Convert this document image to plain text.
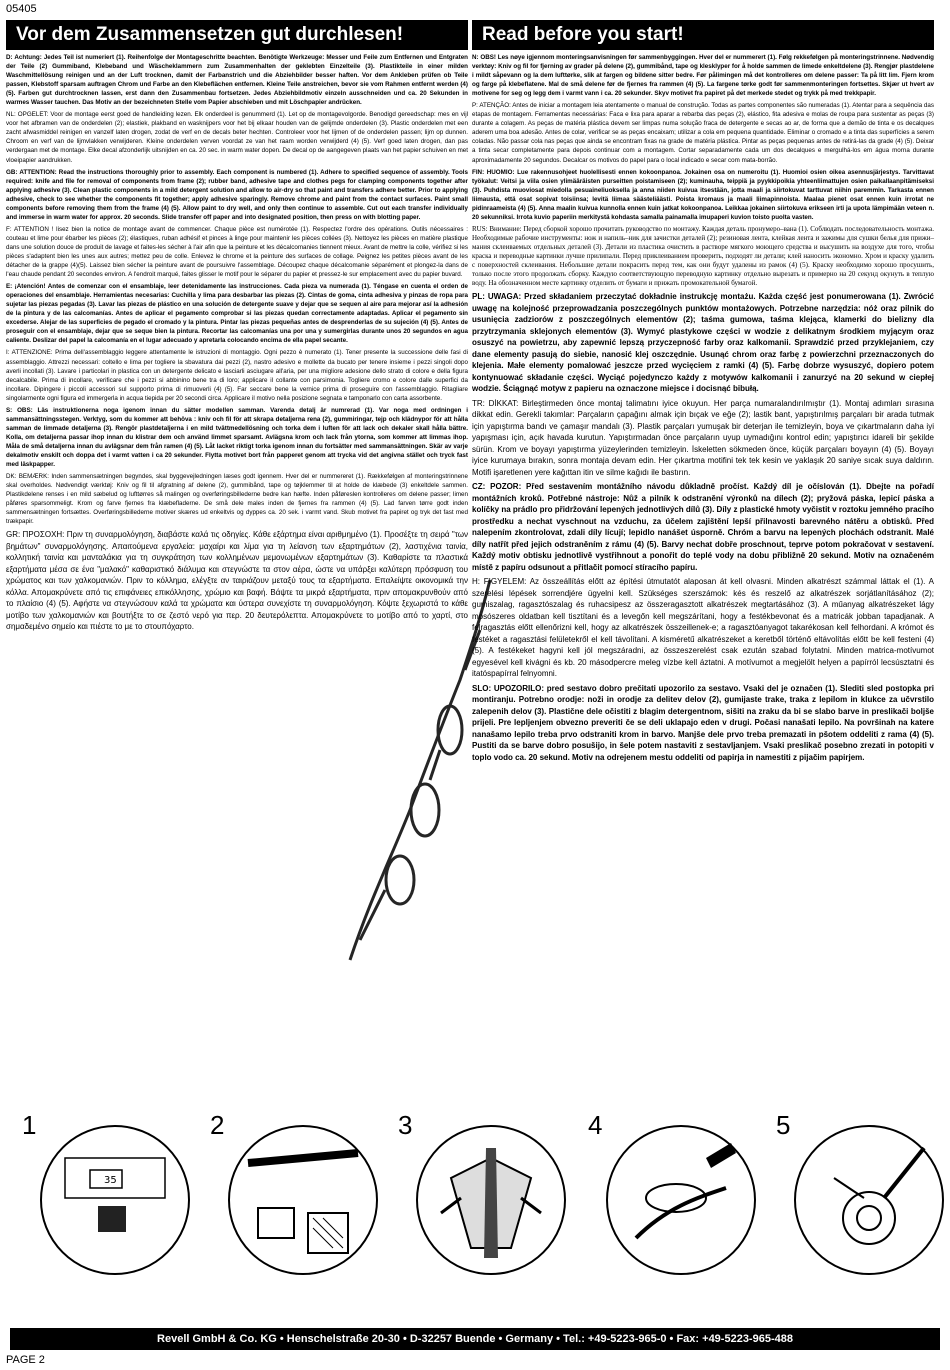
05405
Vor dem Zusammensetzen gut durchlesen!

D: Achtung: Jedes Teil ist numeriert (1). Reihenfolge der Montageschritte beachten. Benötigte Werkzeuge: Messer und Feile zum Entfernen und Entgraten der Teile (2) Gummiband, Klebeband und Wäscheklammern zum Zusammenhalten der geklebten Einzelteile (3). Plastikteile in einer milden Waschmittellösung reinigen und an der Luft trocknen, damit der Farbanstrich und die Abziehbilder besser haften. Vor dem Ankleben prüfen ob Teile passen, Klebstoff sparsam auftragen Chrom und Farbe an den Klebeflächen entfernen. Kleine Teile anstreichen, bevor sie vom Rahmen entfernt werden (4) (5). Farben gut durchtrocknen lassen, erst dann den Zusammenbau fortsetzen. Jedes Abziehbildmotiv einzeln ausschneiden und ca. 20 Sekunden in warmes Wasser tauchen. Das Motiv an der bezeichneten Stelle vom Papier abschieben und mit Löschpapier andrücken.

NL: OPGELET: Voor de montage eerst goed de handleiding lezen. Elk onderdeel is genummerd (1). Let op de montagevolgorde. Benodigd gereedschap: mes en vijl voor het afbramen van de onderdelen (2); elastiek, plakband en wasknijpers voor het bij elkaar houden van de gelijmde onderdelen (3). Plastic onderdelen met een zacht afwasmiddel reinigen en vanzelf laten drogen, zodat de verf en de decals beter hechten. Controleer voor het lijmen of de onderdelen passen; lijm op dunnen. Chroom en verf van de lijmvlakken verwijderen. Kleine onderdelen verven voordat ze van het raam worden verwijderd (4) (5). Verf goed laten drogen, dan pas verdergaan met de montage. Elke decal afzonderlijk uitsnijden en ca. 20 sec. in warm water dopen. De decal op de aangegeven plaats van het papier schuiven en met vloeipapier aandrukken.

GB: ATTENTION: Read the instructions thoroughly prior to assembly. Each component is numbered (1). Adhere to specified sequence of assembly. Tools required: knife and file for removal of components from frame (2); rubber band, adhesive tape and clothes pegs for clamping components together after applying adhesive (3). Clean plastic components in a mild detergent solution and allow to air-dry so that paint and transfers adhere better. Prior to applying adhesive, check to see whether the components fit together; apply adhesive sparingly. Remove chrome and paint from the contact surfaces. Paint small components before removing them from the frame (4) (5). Allow paint to dry well, and only then continue to assemble. Cut out each transfer individually and immerse in warm water for approx. 20 seconds. Slide transfer off paper and into designated position, then press on with blotting paper.

F: ATTENTION ! lisez bien la notice de montage avant de commencer. Chaque pièce est numérotée (1). Respectez l'ordre des opérations. Outils nécessaires : couteau et lime pour ébarber les pièces (2); élastiques, ruban adhésif et pinces à linge pour maintenir les pièces collées (3). Nettoyez les pièces en matière plastique dans une solution douce de produit de lavage et faites-les sécher à l'air afin que la peinture et les décalcomanies tiennent mieux. Avant de mettre la colle, vérifiez si les pièces s'adaptent bien les unes aux autres; mettez peu de colle. Enlevez le chrome et la peinture des surfaces de collage. Peignez les petites pièces avant de les détacher de la grappe (4)(5). Laissez bien sécher la peinture avant de poursuivre l'assemblage. Découpez chaque décalcomanie séparément et plongez-la dans de l'eau chaude pendant 20 secondes environ. A l'endroit marqué, faites glisser le motif pour le séparer du papier et pressez-le sur emplacement avec du papier buvard.

E: ¡Atención! Antes de comenzar con el ensamblaje, leer detenidamente las instrucciones. Cada pieza va numerada (1). Téngase en cuenta el orden de operaciones del ensamblaje. Herramientas necesarias: Cuchilla y lima para desbarbar las piezas (2). Cintas de goma, cinta adhesiva y pinzas de ropa para sujetar las piezas pegadas (3). Lavar las piezas de plástico en una solución de detergente suave y dejar que se sequen al aire para mejorar así la adhesión de la pintura y de las calcomanías. Antes de aplicar el pegamento comprobar si las piezas quedan correctamente adaptadas. Aplicar el pegamento sin excederse. Alejar de las superficies de pegado el cromado y la pintura. Pintar las piezas pequeñas antes de desprenderlas de su sujeción (4) (5). Antes de proseguir con el ensamblaje, dejar que se seque bien la pintura. Recortar las calcomanías una por una y sumergirlas durante unos 20 segundos en agua caliente. Deslizar del papel la calcomanía en el lugar adecuado y apretarla colocando encima de ella papel secante.

I: ATTENZIONE: Prima dell'assemblaggio leggere attentamente le istruzioni di montaggio. Ogni pezzo è numerato (1). Tener presente la successione delle fasi di assemblaggio. Attrezzi necessari: coltello e lima per togliere la sbavatura dai pezzi (2), nastro adesivo e mollette da bucato per tenere insieme i pezzi singoli dopo averli incollati (3). Lavare i particolari in plastica con un detergente delicato e lasciarli asciugare all'aria, per una migliore adesione dello strato di colore e della figura decalcabile. Prima di incollare, verificare che i pezzi si abbinino bene tra di loro; applicare il collante con parsimonia. Togliere cromo e colore dalle superfici da incollare. Dipingere i piccoli accessori sul supporto prima di rimuoverli (4) (5). Far seccare bene la vernice prima di proseguire con l'assemblaggio. Ritagliare singolarmente ogni figura ed immergerla in acqua tiepida per 20 secondi circa. Applicare il motivo nella posizione segnata e tamponarlo con carta assorbente.

S: OBS: Läs instruktionerna noga igenom innan du sätter modellen samman. Varenda detalj är numrerad (1). Var noga med ordningen i sammansättningsstegen. Verktyg, som du kommer att behöva : kniv och fil för att skrapa detaljerna rena (2), gummiringar, tejp och klädnypor för att hålla samman de limmade detaljerna (3). Rengör plastdetaljerna i en mild tvättmedellösning och torka dem i luften för att lack och dekaler skall hålla bättre. Kolla, om detaljerna passar ihop innan du klistrar dem och använd limmet sparsamt. Avlägsna krom och lack från ytorna, som kommer att limmas ihop. Måla de små detaljerna innan du avlägsnar dem från ramen (4) (5). Låt lacket riktigt torka igenom innan du fortsätter med sammansättningen. Skär av varje dekalmotiv enskilt och doppa det i varmt vatten i ca 20 sekunder. Flytta motivet bort från papperet genom att trycka vid det angivna stället och tryck fast med läskpapper.

DK: BEMÆRK: Inden sammensætningen begyndes, skal byggevejledningen læses godt igennem. Hver del er nummereret (1). Rækkefølgen af monteringstrinnene skal overholdes. Nødvendigt værktøj: Kniv og fil til afgratning af delene (2), gummibånd, tape og tøjklemmer til at holde de klæbede (3) enkeltdele sammen. Plastikdelene renses i en mild sæbelud og lufttørres så malingen og overføringsbillederne bedre kan hæfte. Inden påføreslen kontrolleres om delene passer; limen påføres sparsommeligt. Krom og farve fjernes fra klæbefladerne. De små dele males inden de fjernes fra rammen (4) (5). Lad farven tørre godt inden sammensætningen fortsættes. Overføringsbillederne motiver skæres ud enkeltvis og dyppes ca. 20 sek. i varmt vand. Skub motivet fra papiret og tryk det fast med trækpapir.

GR: ΠΡΟΣΟΧΗ: Πριν τη συναρμολόγηση, διαβάστε καλά τις οδηγίες. Κάθε εξάρτημα είναι αριθμημένο (1). Προσέξτε τη σειρά "των βημάτων" συναρμολόγησης. Απαιτούμενα εργαλεία: μαχαίρι και λίμα για τη λείανση των εξαρτημάτων (2), λαστιχένια ταινία, κολλητική ταινία και μανταλάκια για τη συγκράτηση των κολλημένων μεμονωμένων εξαρτημάτων (3). Καθαρίστε τα πλαστικά εξαρτήματα μέσα σε ένα "μαλακό" καθαριστικό διάλυμα και στεγνώστε τα στον αέρα, ώστε να υπάρξει καλύτερη πρόσφυση του χρώματος και των χαλκομανιών. Πριν το κόλλημα, ελέγξτε αν ταιριάζουν μεταξύ τους τα εξαρτήματα. Επαλείψτε οικονομικά την κόλλα. Απομακρύνετε από τις επιφάνειες επικόλλησης, χρώμιο και βαφή. Βάψτε τα μικρά εξαρτήματα, πριν απομακρυνθούν από το πλαίσιο (4) (5). Αφήστε να στεγνώσουν καλά τα χρώματα και ύστερα συνεχίστε τη συναρμολόγηση. Κόψτε ξεχωριστά το κάθε μοτίβο των χαλκομανιών και βουτήξτε το σε ζεστό νερό για περ. 20 δευτερόλεπτα. Απομακρύνετε το μοτίβο από το χαρτί, στο σημαδεμένο σημείο και πιέστε το με το στουπόχαρτο.

Read before you start!

N: OBS! Les nøye igjennom monteringsanvisningen før sammenbyggingen. Hver del er nummerert (1). Følg rekkefølgen på monteringstrinnene. Nødvendig verktøy: Kniv og fil for fjerning av grader på delene (2), gummibånd, tape og klesklyper for å holde sammen de limede enkeltdelene (3). Rengjør plastdelene i mildt såpevann og la dem lufttørke, slik at fargen og bildene sitter bedre. Før pålimingen må det kontrolleres om delene passer: Ta på litt lim. Fjern krom og farge på klebeflatene. Mal de små delene før de fjernes fra rammen (4) (5). La fargene tørke godt før sammenmonteringen fortsettes. Skjær ut hvert av motivene for seg og legg dem i varmt vann i ca. 20 sekunder. Skyv motivet fra papiret på det merkede stedet og trykk på med trekkpapir.

P: ATENÇÃO: Antes de iniciar a montagem leia atentamente o manual de construção. Todas as partes componentes são numeradas (1). Atentar para a sequência das etapas de montagem. Ferramentas necessárias: Faca e lixa para aparar a rebarba das peças (2), elástico, fita adesiva e molas de roupa para sustentar as peças (3) durante a colagem. As peças de matéria plástica devem ser limpas numa solução fraca de detergente e secas ao ar, de forma que a demão de tinta e os decalques aderem uma boa adesão. Antes de colar, verificar se as peças encaixam; utilizar a cola em pequena quantidade. Eliminar o cromado e a tinta das superfícies a serem coladas. Não passar cola nas peças que ainda se encontram fixas na grade de matéria plástica. Pintar as peças pequenas antes de retirá-las da grade (4) (5). Deixar a tinta secar completamente para depois continuar com a montagem. Cortar separadamente cada um dos decalques e mergulhá-los em água morna durante aproximadamente 20 segundos. Decalcar os motivos do papel para o local indicado e secar com mata-borrão.

FIN: HUOMIO: Lue rakennusohjeet huolellisesti ennen kokoonpanoa. Jokainen osa on numeroitu (1). Huomioi osien oikea asennusjärjestys. Tarvittavat työkalut: Veitsi ja viila osien ylimääräisten purseitten poistamiseen (2); kuminauha, teippiä ja pyykkipoikia yhteenliimattujen osien paikallaanpitämiseksi (3). Puhdista muoviosat miedolla pesuaineliuoksella ja anna niiden kuivua itsestään, jotta maali ja siirtokuvat tarttuvat niihin paremmin. Tarkasta ennen liimausta, että osat sopivat toisiinsa; levitä liimaa säästeliäästi. Poista kromaus ja maali liimapinnoista. Maalaa pienet osat ennen kuin irrotat ne pidinraameista (4) (5). Anna maalin kuivua kunnolla ennen kuin jatkat kokoonpanoa. Leikkaa jokainen siirtokuva erikseen irti ja upota lämpimään veteen n. 20 sekunniksi. Irrota kuvio paperiin merkitystä kohdasta samalla painamalla imupaperi kuvion toisto puolta vasten.

RUS: Внимание: Перед сборкой хорошо прочитать руководство по монтажу. Каждая деталь пронумеро–вана (1). Соблюдать последовательность монтажа. Необходимые рабочие инструменты: нож и напиль–ник для зачистки деталей (2); резиновая лента, клейкая лента и зажимы для сушки белья для прижи–мания склеиваемых отдельных деталей (3). Детали из пластика очистить в растворе мягкого моющего средства и высушить на воздухе для того, чтобы краска и переводные картинки лучше прилипали. Перед приклеиванием проверить, подходят ли детали; клей наносить экономно. Хром и краску удалить с поверхностей склеивания. Небольшие детали покрасить перед тем, как они будут удалены из рамок (4) (5). Краску необходимо хорошо просушить, только после этого продолжать сборку. Каждую соответствующую переводную картинку отдельно вырезать и примерно на 20 секунд окунуть в теплую воду. На обозначенном месте картинку отделить от бумаги и прижать промокательной бумагой.

PL: UWAGA: Przed składaniem przeczytać dokładnie instrukcję montażu. Każda część jest ponumerowana (1). Zwrócić uwagę na kolejność przeprowadzania poszczególnych punktów montażowych. Potrzebne narzędzia: nóż oraz pilnik do usunięcia zadziorów z poszczególnych elementów (2); taśma gumowa, taśma klejąca, klamerki do bielizny dla przytrzymania sklejonych elementów (3). Wymyć plastykowe części w wodzie z delikatnym środkiem myjącym oraz osuszyć na powietrzu, aby zapewnić lepszą przyczepność farby oraz kalkomanii. Sprawdzić przed przyklejaniem, czy dane elementy pasują do siebie, nanosić klej oszczędnie. Usunąć chrom oraz farbę z powierzchni przeznaczonych do klejenia. Małe elementy pomalować jeszcze przed wycięciem z ramki (4) (5). Farbę dobrze wysuszyć, dopiero potem kontynuować składanie części. Wyciąć pojedynczo każdy z motywów kalkomanii i zanurzyć na 20 sekund w ciepłej wodzie. Ściągnąć motyw z papieru na oznaczone miejsce i docisnąć bibułą.

TR: DİKKAT: Birleştirmeden önce montaj talimatını iyice okuyun. Her parça numaralandırılmıştır (1). Montaj adımları sırasına dikkat edin. Gerekli takımlar: Parçaların çapağını almak için bıçak ve eğe (2); lastik bant, yapıştırılmış parçaları bir arada tutmak için yapıştırma bandı ve çamaşır mandalı (3). Plastik parçaları yumuşak bir deterjan ile temizleyin, boya ve çıkartmaların daha iyi yapışması için, açık havada kurutun. Yapıştırmadan önce parçaların uyup uymadığını kontrol edin; yapıştırıcı idareli bir şekilde sürün. Krom ve boyayı yapıştırma yüzeylerinden temizleyin. İskeletten sökmeden önce, küçük parçaları boyayın (4) (5). Boyayı iyice kurumaya bırakın, sonra montaja devam edin. Her çıkartma motifini tek tek kesin ve yaklaşık 20 saniye sıcak suya daldırın. Motifi işaretlenen yere kağıttan itin ve silme kağıdı ile bastırın.

CZ: POZOR: Před sestavením montážního návodu důkladně pročíst. Každý díl je očíslován (1). Dbejte na pořadí montážních kroků. Potřebné nástroje: Nůž a pilník k odstranění výronků na dílech (2); pryžová páska, lepicí páska a kolíčky na prádlo pro přidržování lepených jednotlivých dílů (3). Díly z plastické hmoty vyčistit v roztoku jemného pracího prostředku a nechat vyschnout na vzduchu, za účelem zajištění lepší přilnavosti barevného nátěru a obtisků. Před nalepením zkontrolovat, zdali díly lícují; lepidlo nanášet úsporně. Chróm a barvu na lepených plochách odstranit. Malé díly natřít před jejich odstraněním z rámu (4) (5). Barvy nechat dobře proschnout, teprve potom pokračovat v sestavení. Každý motiv obtisku jednotlivě vystřihnout a ponořit do teplé vody na dobu přibližně 20 sekund. Motiv na označeném místě z papíru odsunout a přitlačit pomocí stíracího papíru.

H: FIGYELEM: Az összeállítás előtt az építési útmutatót alaposan át kell olvasni. Minden alkatrészt számmal láttak el (1). A szerelési lépések sorrendjére ügyelni kell. Szükséges szerszámok: kés és reszelő az alkatrészek sorjátlanításához (2); gumiszalag, ragasztószalag és ruhacsipesz az összeragasztott alkatrészek megtartásához (3). A műanyag alkatrészeket lágy mosószeres oldatban kell tisztítani és a levegőn kell megszárítani, hogy a festékbevonat és a matricák jobban tapadjanak. A felragasztás előtt ellenőrizni kell, hogy az alkatrészek összeillenek-e; a ragasztóanyagot takarékosan kell felhordani. A krómot és festéket a ragasztási felületekről el kell távolítani. A kisméretű alkatrészeket a keretből történő eltávolítás előtt be kell festeni (4) (5). A festékeket hagyni kell jól megszáradni, az összeszerelést csak ezután szabad folytatni. Minden matrica-motívumot egyesével kell kivágni és kb. 20 másodpercre meleg vízbe kell áztatni. A motívumot a megjelölt helyen a papírról lecsúsztatni és itatóspapírral felnyomni.

SLO: UPOZORILO: pred sestavo dobro prečitati upozorilo za sestavo. Vsaki del je označen (1). Slediti sled postopka pri montiranju. Potrebno orodje: noži in orodje za delitev delov (2), gumijaste trake, traka z lepilom in klukce za učvrstilo zalepenih delov (3). Plastične dele očistiti z blagim detergentnom, sišiti na zraku da bi se slabo barve in preslikači boljše prijeli. Pre lepljenjem obvezno preveriti če se deli uklapajo eden v drugi. Počasi nanašati lepilo. Na površinah na katere nanašamo lepilo treba prvo odstraniti krom in barvo. Manjše dele prvo treba premazati in pšotem oddeliti z rama (4) (5). Pustiti da se barve dobro posušijo, in šele potem nastaviti z sestavljanjem. Vsaki preslikač posebno zrezati in potopiti v toplo vodo ca. 20 sekund. Motiv na odrejenem mestu oddeliti od papirja in namestiti z pijačim papirjem.

1
35
2	3	4	5
Revell GmbH & Co. KG • Henschelstraße 20-30 • D-32257 Buende • Germany • Tel.: +49-5223-965-0 • Fax: +49-5223-965-488
PAGE 2
